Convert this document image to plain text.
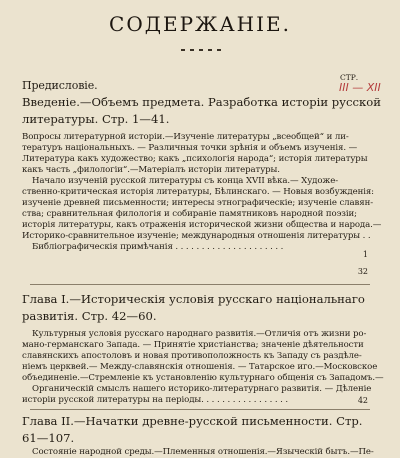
СОДЕРЖАНІЕ.
СТР.
III — XII
Предисловіе.
Введеніе.—Объемъ предмета. Разработка исторіи русской
литературы. Стр. 1—41.
Вопросы литературной исторіи.—Изученіе литературы „всеобщей“ и ли-
тературъ національныхъ. — Различныя точки зрѣнія и объемъ изученія. —
Литература какъ художество; какъ „психологія народа“; исторія литературы
какъ часть „филологіи“.—Матеріалъ исторіи литературы.
Начало изученій русской литературы съ конца XVII вѣка.— Художе-
ственно-критическая исторія литературы, Бѣлинскаго. — Новыя возбужденія:
изученіе древней письменности; интересы этнографическіе; изученіе славян-
ства; сравнительная филологія и собираніе памятниковъ народной поэзіи;
исторія литературы, какъ отраженія исторической жизни общества и народа.—
Историко-сравнительное изученіе; международныя отношенія литературы . .
Библіографическія примѣчанія . . . . . . . . . . . . . . . . . . . . .
1
32
Глава I.—Историческія условія русскаго національнаго
развитія. Стр. 42—60.
Культурныя условія русскаго народнаго развитія.—Отличія отъ жизни ро-
мано-германскаго Запада. — Принятіе христіанства; значеніе дѣятельности
славянскихъ апостоловъ и новая противоположность къ Западу съ раздѣле-
ніемъ церквей.— Междy-славянскія отношенія. — Татарское иго.—Московское
объединеніе.—Стремленіе къ установленію культурнаго общенія съ Западомъ.—
Органическій смыслъ нашего историко-литературнаго развитія. — Дѣленіе
исторіи русской литературы на періоды. . . . . . . . . . . . . . . . .	42
Глава II.—Начатки древне-русской письменности. Стр.
61—107.
Состояніе народной среды.—Племенныя отношенія.—Языческій бытъ.—Пе-
